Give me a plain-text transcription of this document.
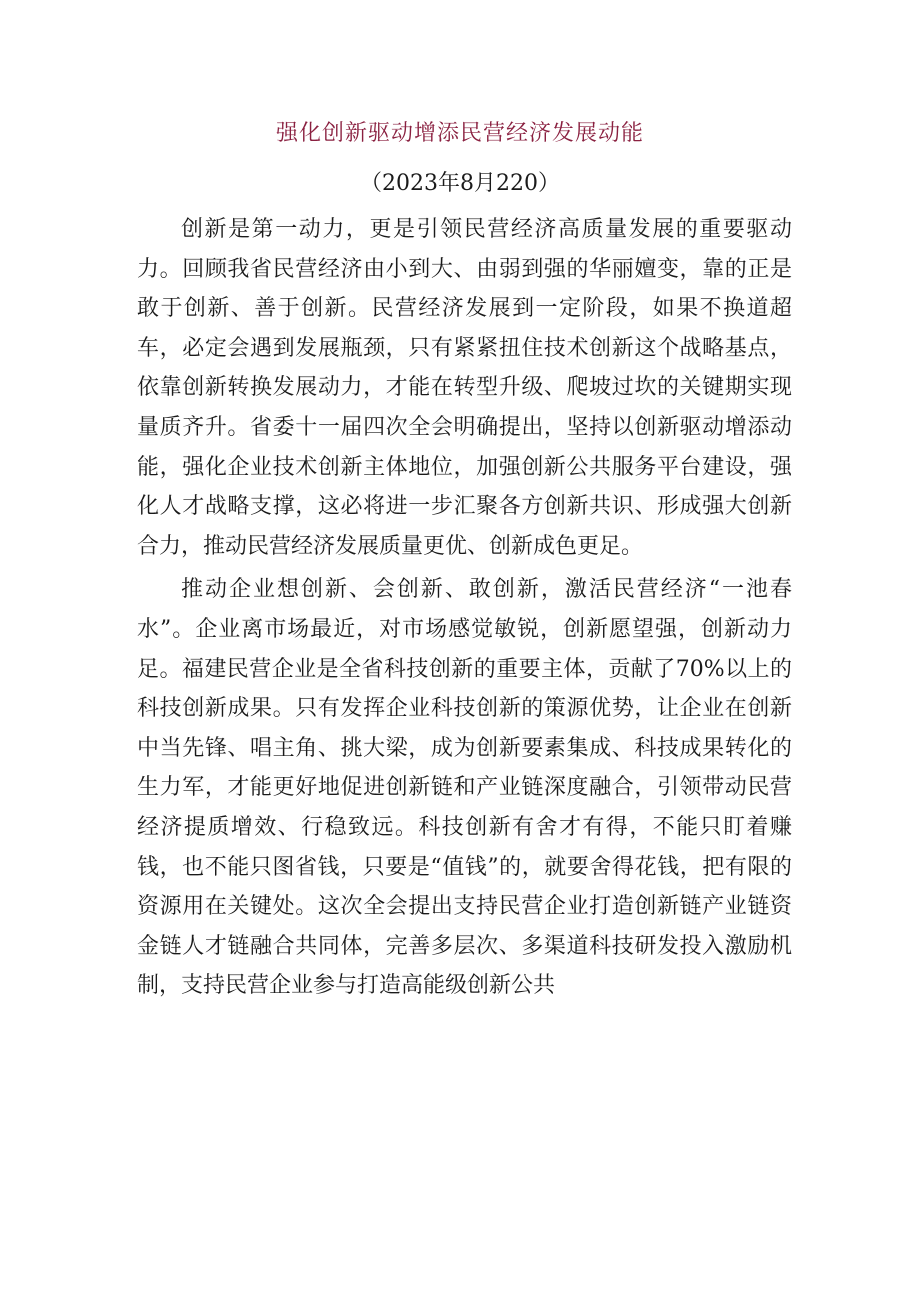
强化创新驱动增添民营经济发展动能
（2023年8月220）

创新是第一动力，更是引领民营经济高质量发展的重要驱动力。回顾我省民营经济由小到大、由弱到强的华丽嬗变，靠的正是敢于创新、善于创新。民营经济发展到一定阶段，如果不换道超车，必定会遇到发展瓶颈，只有紧紧扭住技术创新这个战略基点，依靠创新转换发展动力，才能在转型升级、爬坡过坎的关键期实现量质齐升。省委十一届四次全会明确提出，坚持以创新驱动增添动能，强化企业技术创新主体地位，加强创新公共服务平台建设，强化人才战略支撑，这必将进一步汇聚各方创新共识、形成强大创新合力，推动民营经济发展质量更优、创新成色更足。

推动企业想创新、会创新、敢创新，激活民营经济“一池春水”。企业离市场最近，对市场感觉敏锐，创新愿望强，创新动力足。福建民营企业是全省科技创新的重要主体，贡献了70%以上的科技创新成果。只有发挥企业科技创新的策源优势，让企业在创新中当先锋、唱主角、挑大梁，成为创新要素集成、科技成果转化的生力军，才能更好地促进创新链和产业链深度融合，引领带动民营经济提质增效、行稳致远。科技创新有舍才有得，不能只盯着赚钱，也不能只图省钱，只要是“值钱”的，就要舍得花钱，把有限的资源用在关键处。这次全会提出支持民营企业打造创新链产业链资金链人才链融合共同体，完善多层次、多渠道科技研发投入激励机制，支持民营企业参与打造高能级创新公共
